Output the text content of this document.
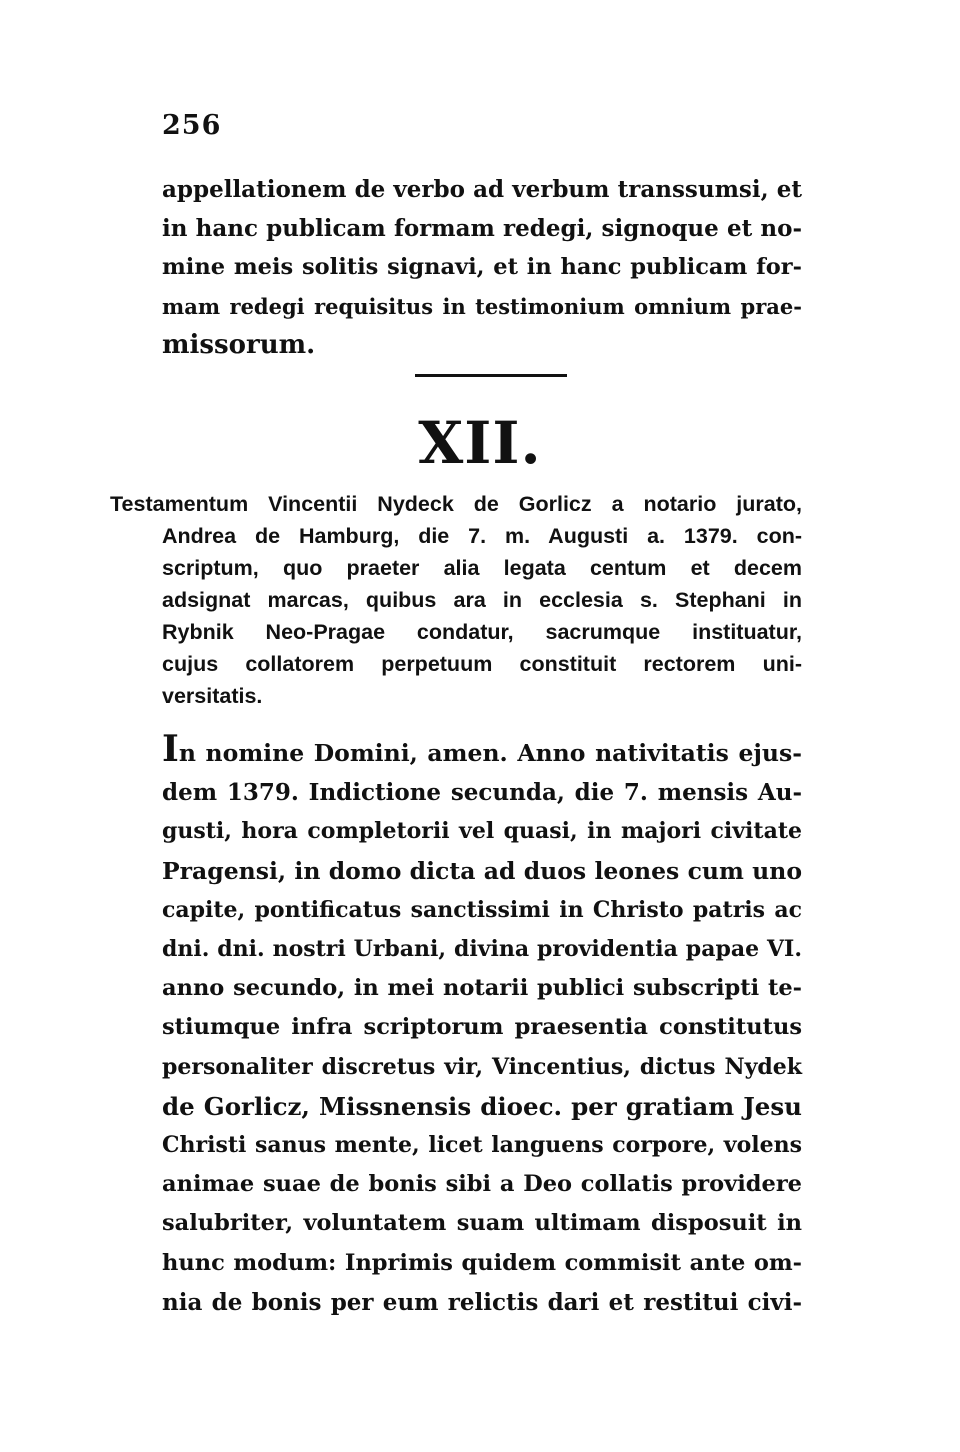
256
appellationem de verbo ad verbum transsumsi, et
in hanc publicam formam redegi, signoque et no-
mine meis solitis signavi, et in hanc publicam for-
mam redegi requisitus in testimonium omnium prae-
missorum.
XII.
Testamentum Vincentii Nydeck de Gorlicz a notario jurato,
Andrea de Hamburg, die 7. m. Augusti a. 1379. con-
scriptum, quo praeter alia legata centum et decem
adsignat marcas, quibus ara in ecclesia s. Stephani in
Rybnik Neo-Pragae condatur, sacrumque instituatur,
cujus collatorem perpetuum constituit rectorem uni-
versitatis.
In nomine Domini, amen. Anno nativitatis ejus-
dem 1379. Indictione secunda, die 7. mensis Au-
gusti, hora completorii vel quasi, in majori civitate
Pragensi, in domo dicta ad duos leones cum uno
capite, pontificatus sanctissimi in Christo patris ac
dni. dni. nostri Urbani, divina providentia papae VI.
anno secundo, in mei notarii publici subscripti te-
stiumque infra scriptorum praesentia constitutus
personaliter discretus vir, Vincentius, dictus Nydek
de Gorlicz, Missnensis dioec. per gratiam Jesu
Christi sanus mente, licet languens corpore, volens
animae suae de bonis sibi a Deo collatis providere
salubriter, voluntatem suam ultimam disposuit in
hunc modum: Inprimis quidem commisit ante om-
nia de bonis per eum relictis dari et restitui civi-
